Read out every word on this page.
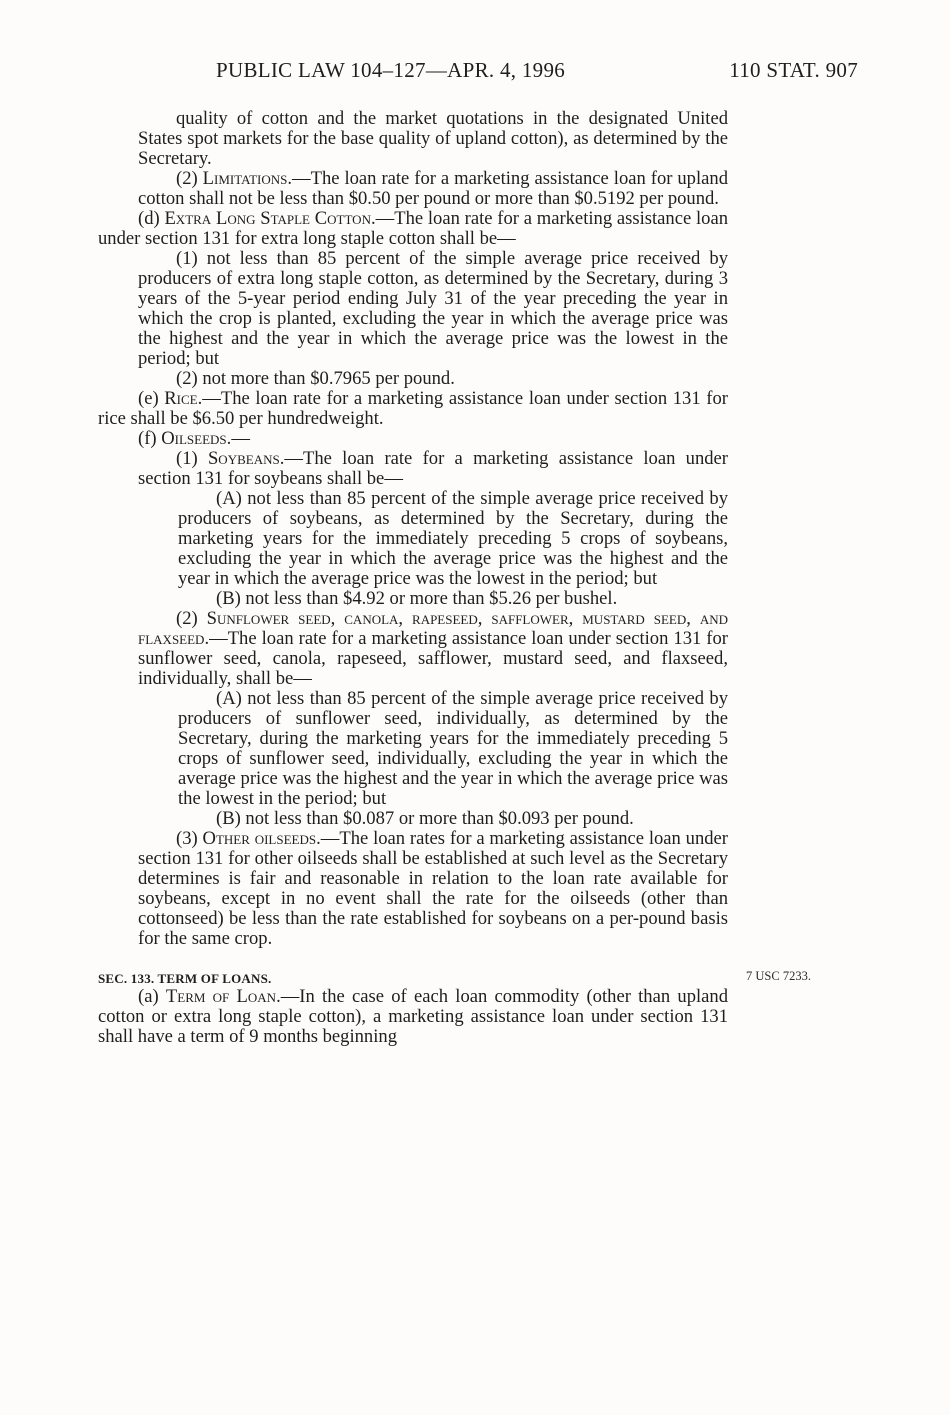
PUBLIC LAW 104–127—APR. 4, 1996	110 STAT. 907

quality of cotton and the market quotations in the designated United States spot markets for the base quality of upland cotton), as determined by the Secretary.

(2) Limitations.—The loan rate for a marketing assistance loan for upland cotton shall not be less than $0.50 per pound or more than $0.5192 per pound.

(d) Extra Long Staple Cotton.—The loan rate for a marketing assistance loan under section 131 for extra long staple cotton shall be—

(1) not less than 85 percent of the simple average price received by producers of extra long staple cotton, as determined by the Secretary, during 3 years of the 5-year period ending July 31 of the year preceding the year in which the crop is planted, excluding the year in which the average price was the highest and the year in which the average price was the lowest in the period; but

(2) not more than $0.7965 per pound.

(e) Rice.—The loan rate for a marketing assistance loan under section 131 for rice shall be $6.50 per hundredweight.

(f) Oilseeds.—

(1) Soybeans.—The loan rate for a marketing assistance loan under section 131 for soybeans shall be—

(A) not less than 85 percent of the simple average price received by producers of soybeans, as determined by the Secretary, during the marketing years for the immediately preceding 5 crops of soybeans, excluding the year in which the average price was the highest and the year in which the average price was the lowest in the period; but

(B) not less than $4.92 or more than $5.26 per bushel.

(2) Sunflower seed, canola, rapeseed, safflower, mustard seed, and flaxseed.—The loan rate for a marketing assistance loan under section 131 for sunflower seed, canola, rapeseed, safflower, mustard seed, and flaxseed, individually, shall be—

(A) not less than 85 percent of the simple average price received by producers of sunflower seed, individually, as determined by the Secretary, during the marketing years for the immediately preceding 5 crops of sunflower seed, individually, excluding the year in which the average price was the highest and the year in which the average price was the lowest in the period; but

(B) not less than $0.087 or more than $0.093 per pound.

(3) Other oilseeds.—The loan rates for a marketing assistance loan under section 131 for other oilseeds shall be established at such level as the Secretary determines is fair and reasonable in relation to the loan rate available for soybeans, except in no event shall the rate for the oilseeds (other than cottonseed) be less than the rate established for soybeans on a per-pound basis for the same crop.

SEC. 133. TERM OF LOANS.

(a) Term of Loan.—In the case of each loan commodity (other than upland cotton or extra long staple cotton), a marketing assistance loan under section 131 shall have a term of 9 months beginning

7 USC 7233.
